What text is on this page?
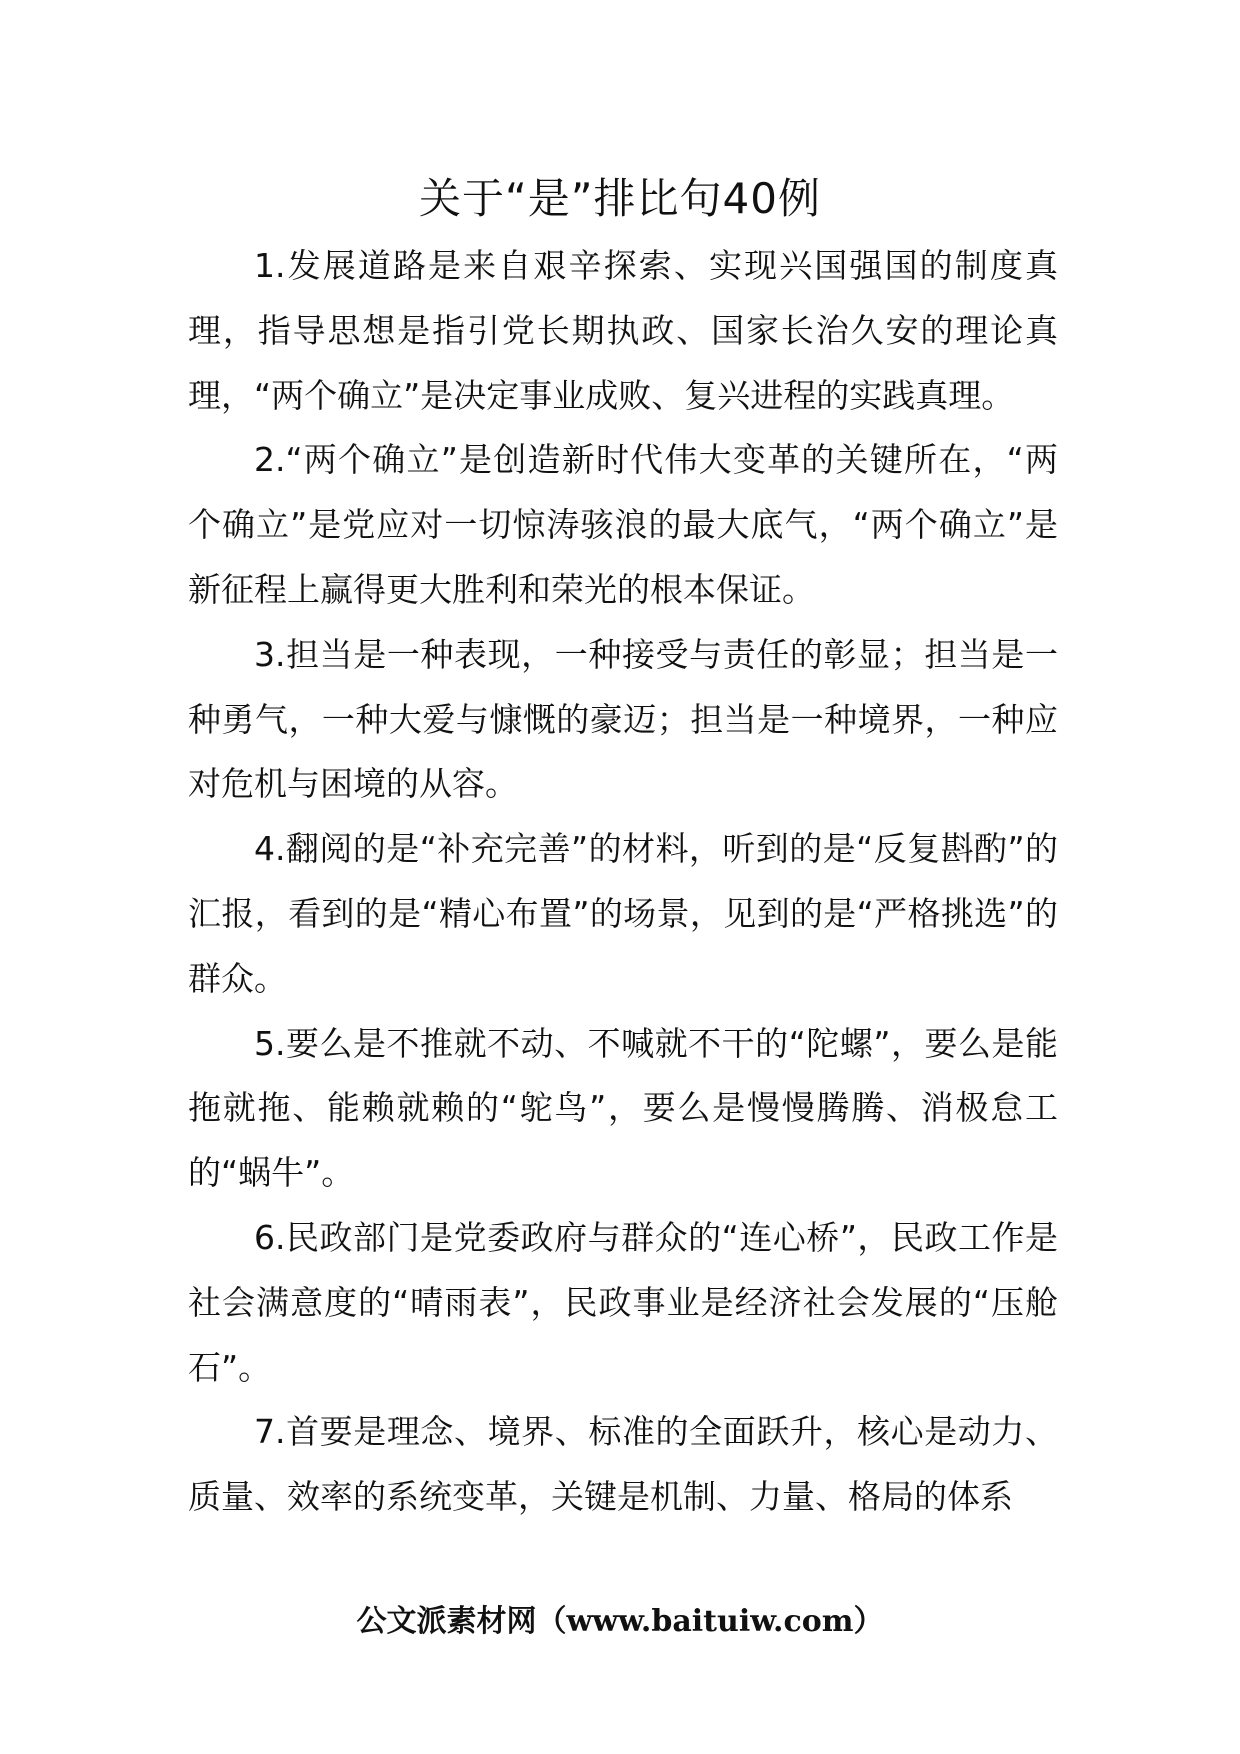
关于“是”排比句40例

1.发展道路是来自艰辛探索、实现兴国强国的制度真理，指导思想是指引党长期执政、国家长治久安的理论真理，“两个确立”是决定事业成败、复兴进程的实践真理。

2.“两个确立”是创造新时代伟大变革的关键所在，“两个确立”是党应对一切惊涛骇浪的最大底气，“两个确立”是新征程上赢得更大胜利和荣光的根本保证。

3.担当是一种表现，一种接受与责任的彰显；担当是一种勇气，一种大爱与慷慨的豪迈；担当是一种境界，一种应对危机与困境的从容。

4.翻阅的是“补充完善”的材料，听到的是“反复斟酌”的汇报，看到的是“精心布置”的场景，见到的是“严格挑选”的群众。

5.要么是不推就不动、不喊就不干的“陀螺”，要么是能拖就拖、能赖就赖的“鸵鸟”，要么是慢慢腾腾、消极怠工的“蜗牛”。

6.民政部门是党委政府与群众的“连心桥”，民政工作是社会满意度的“晴雨表”，民政事业是经济社会发展的“压舱石”。

7.首要是理念、境界、标准的全面跃升，核心是动力、质量、效率的系统变革，关键是机制、力量、格局的体系

公文派素材网（www.baituiw.com）
